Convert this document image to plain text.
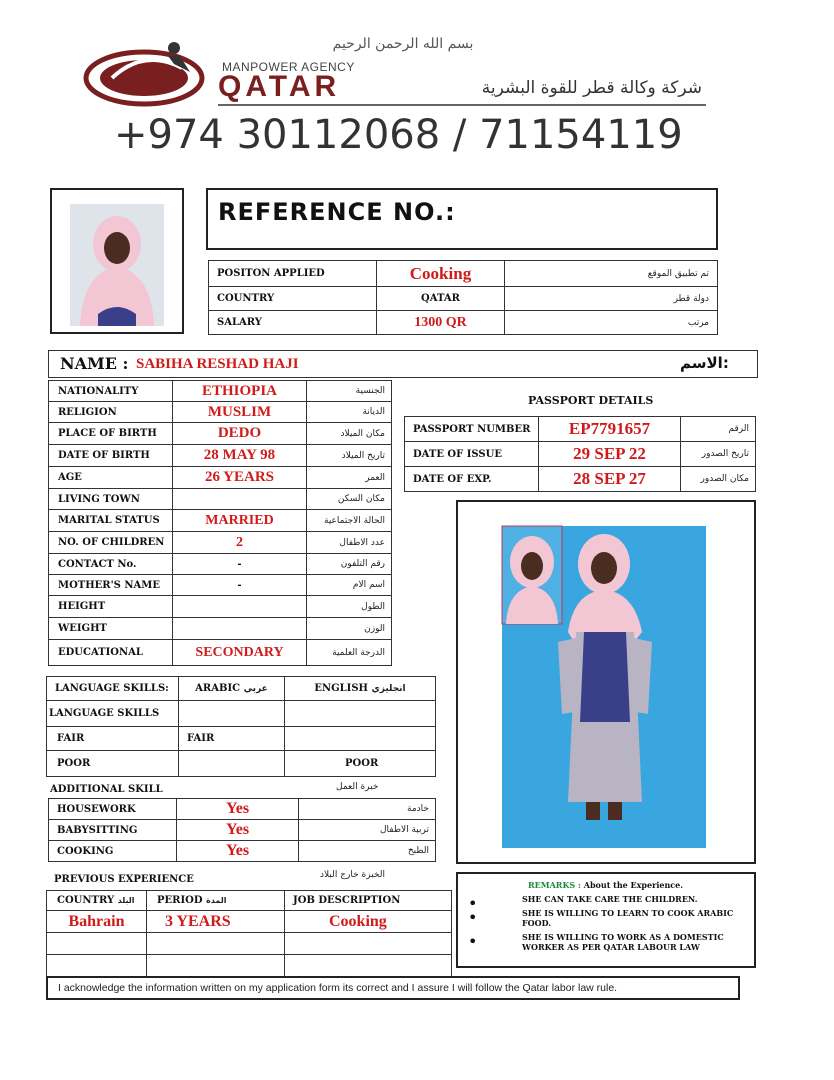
بسم الله الرحمن الرحيم
MANPOWER AGENCY
QATAR	شركة وكالة قطر للقوة البشرية
+974 30112068 / 71154119
REFERENCE NO.:
POSITON APPLIED	Cooking	تم تطبيق الموقع
COUNTRY	QATAR	دولة قطر
SALARY	1300 QR	مرتب
NAME : SABIHA RESHAD HAJI	الاسم:
NATIONALITY	ETHIOPIA	الجنسية
RELIGION	MUSLIM	الديانة
PLACE OF BIRTH	DEDO	مكان الميلاد
DATE OF BIRTH	28 MAY 98	تاريخ الميلاد
AGE	26 YEARS	العمر
LIVING TOWN		مكان السكن
MARITAL STATUS	MARRIED	الحالة الاجتماعية
NO. OF CHILDREN	2	عدد الاطفال
CONTACT No.	-	رقم التلفون
MOTHER'S NAME	-	اسم الام
HEIGHT		الطول
WEIGHT		الوزن
EDUCATIONAL	SECONDARY	الدرجة العلمية
PASSPORT DETAILS
PASSPORT NUMBER	EP7791657	الرقم
DATE OF ISSUE	29 SEP 22	تاريخ الصدور
DATE OF EXP.	28 SEP 27	مكان الصدور
LANGUAGE SKILLS:	ARABIC عربي	ENGLISH انجليزي
LANGUAGE SKILLS		
FAIR	FAIR	
POOR		POOR
ADDITIONAL SKILL	خبرة العمل
HOUSEWORK	Yes	خادمة
BABYSITTING	Yes	تربية الاطفال
COOKING	Yes	الطبخ
PREVIOUS EXPERIENCE	الخبرة خارج البلاد
COUNTRY البلد	PERIOD المدة	JOB DESCRIPTION
Bahrain	3 YEARS	Cooking

REMARKS : About the Experience.
•	SHE CAN TAKE CARE THE CHILDREN.
•	SHE IS WILLING TO LEARN TO COOK ARABIC FOOD.
•	SHE IS WILLING TO WORK AS A DOMESTIC WORKER AS PER QATAR LABOUR LAW
I acknowledge the information written on my application form its correct and I assure I will follow the Qatar labor law rule.
